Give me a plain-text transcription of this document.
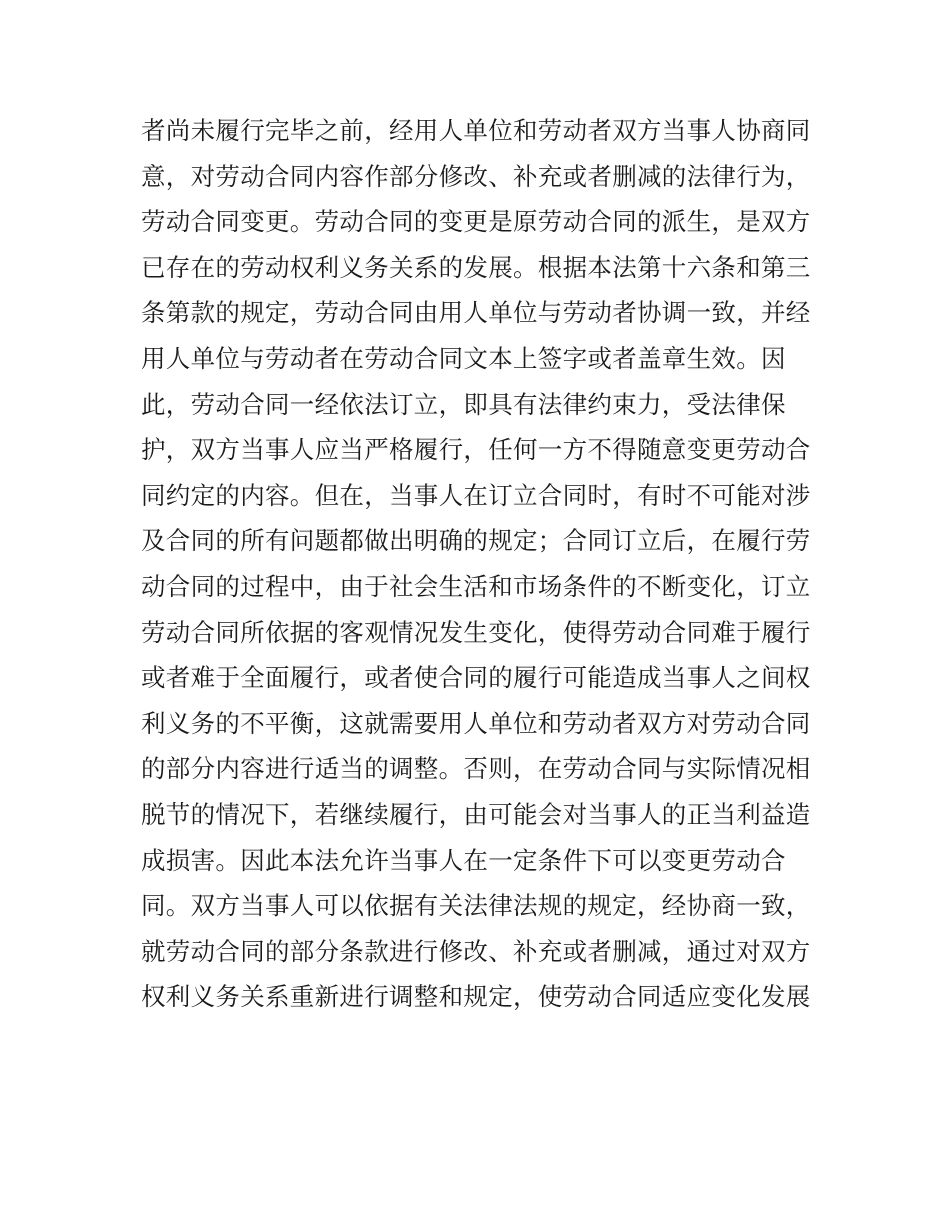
者尚未履行完毕之前，经用人单位和劳动者双方当事人协商同
意，对劳动合同内容作部分修改、补充或者删减的法律行为，
劳动合同变更。劳动合同的变更是原劳动合同的派生，是双方
已存在的劳动权利义务关系的发展。根据本法第十六条和第三
条第款的规定，劳动合同由用人单位与劳动者协调一致，并经
用人单位与劳动者在劳动合同文本上签字或者盖章生效。因
此，劳动合同一经依法订立，即具有法律约束力，受法律保
护，双方当事人应当严格履行，任何一方不得随意变更劳动合
同约定的内容。但在，当事人在订立合同时，有时不可能对涉
及合同的所有问题都做出明确的规定；合同订立后，在履行劳
动合同的过程中，由于社会生活和市场条件的不断变化，订立
劳动合同所依据的客观情况发生变化，使得劳动合同难于履行
或者难于全面履行，或者使合同的履行可能造成当事人之间权
利义务的不平衡，这就需要用人单位和劳动者双方对劳动合同
的部分内容进行适当的调整。否则，在劳动合同与实际情况相
脱节的情况下，若继续履行，由可能会对当事人的正当利益造
成损害。因此本法允许当事人在一定条件下可以变更劳动合
同。双方当事人可以依据有关法律法规的规定，经协商一致，
就劳动合同的部分条款进行修改、补充或者删减，通过对双方
权利义务关系重新进行调整和规定，使劳动合同适应变化发展
